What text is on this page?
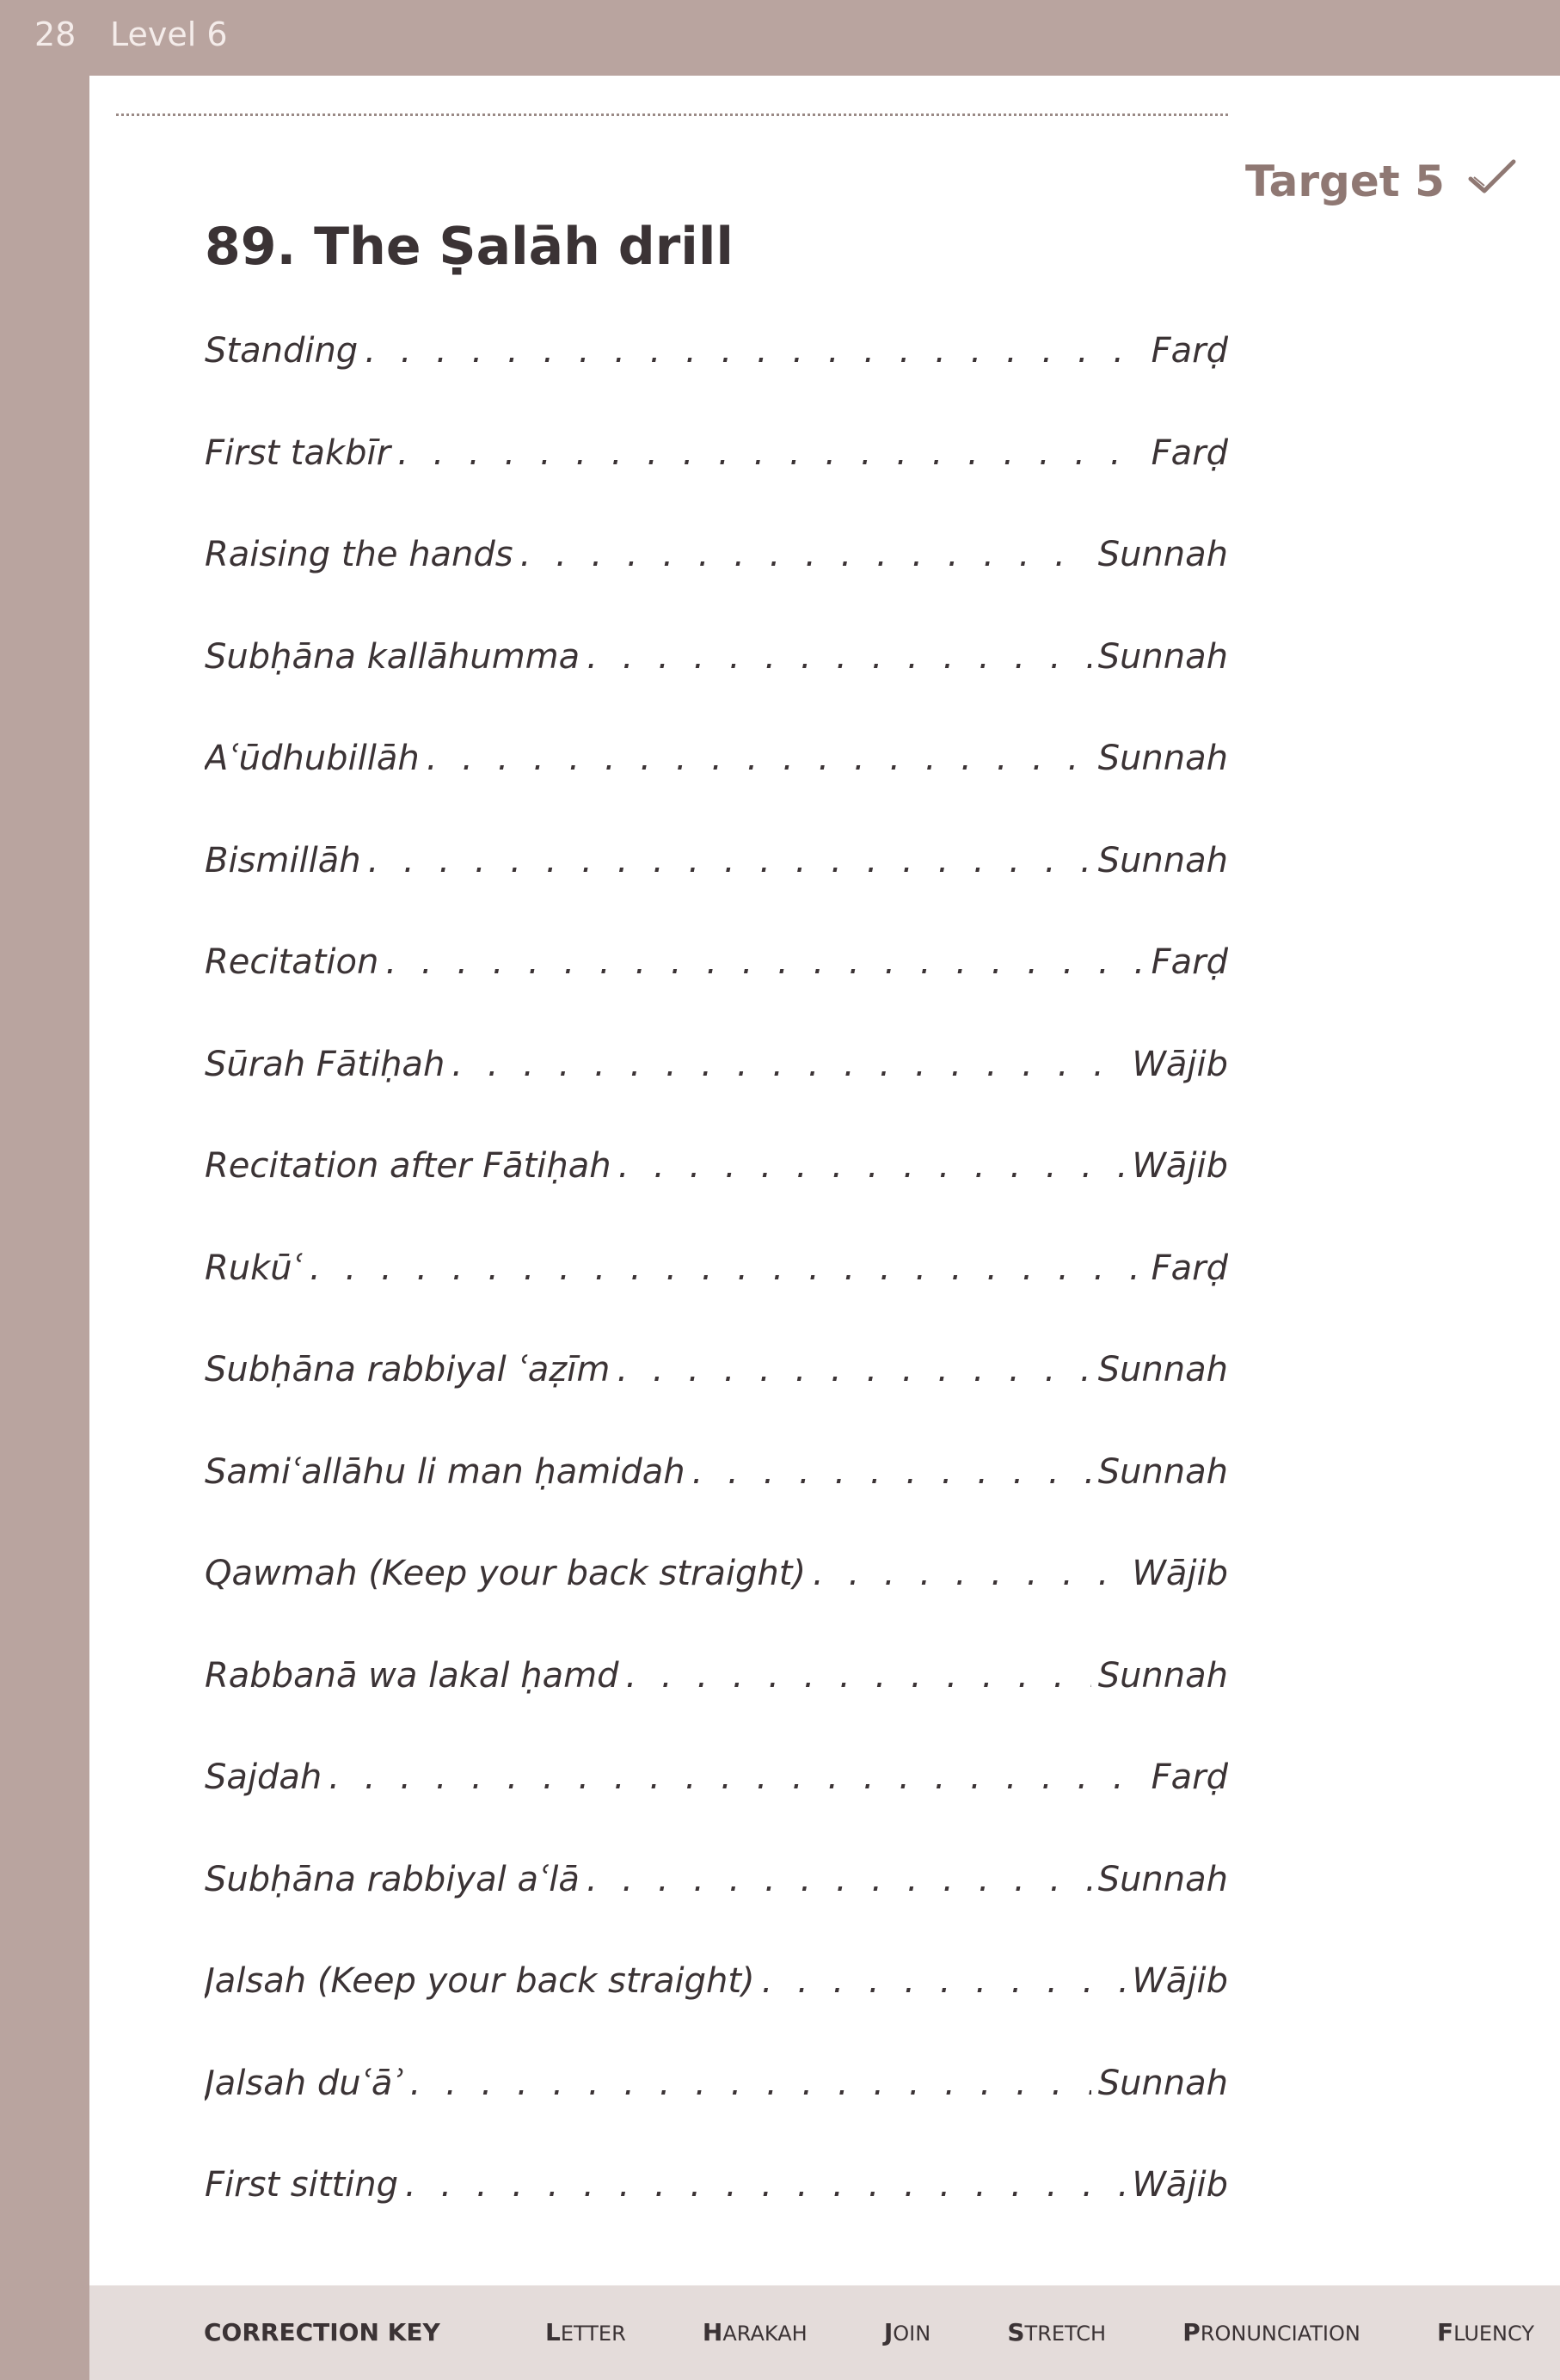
28 Level 6
Target 5
89. The Ṣalāh drill
Standing . . .	Farḍ
First takbīr . . .	Farḍ
Raising the hands . . .	Sunnah
Subḥāna kallāhumma . . .	Sunnah
Aʿūdhubillāh . . .	Sunnah
Bismillāh . . .	Sunnah
Recitation . . .	Farḍ
Sūrah Fātiḥah . . .	Wājib
Recitation after Fātiḥah . . .	Wājib
Rukūʿ . . .	Farḍ
Subḥāna rabbiyal ʿaẓīm . . .	Sunnah
Samiʿallāhu li man ḥamidah . . .	Sunnah
Qawmah (Keep your back straight) . . .	Wājib
Rabbanā wa lakal ḥamd . . .	Sunnah
Sajdah . . .	Farḍ
Subḥāna rabbiyal aʿlā . . .	Sunnah
Jalsah (Keep your back straight) . . .	Wājib
Jalsah duʿāʾ . . .	Sunnah
First sitting . . .	Wājib
CORRECTION KEY	LETTER	HARAKAH	JOIN	STRETCH	PRONUNCIATION	FLUENCY
